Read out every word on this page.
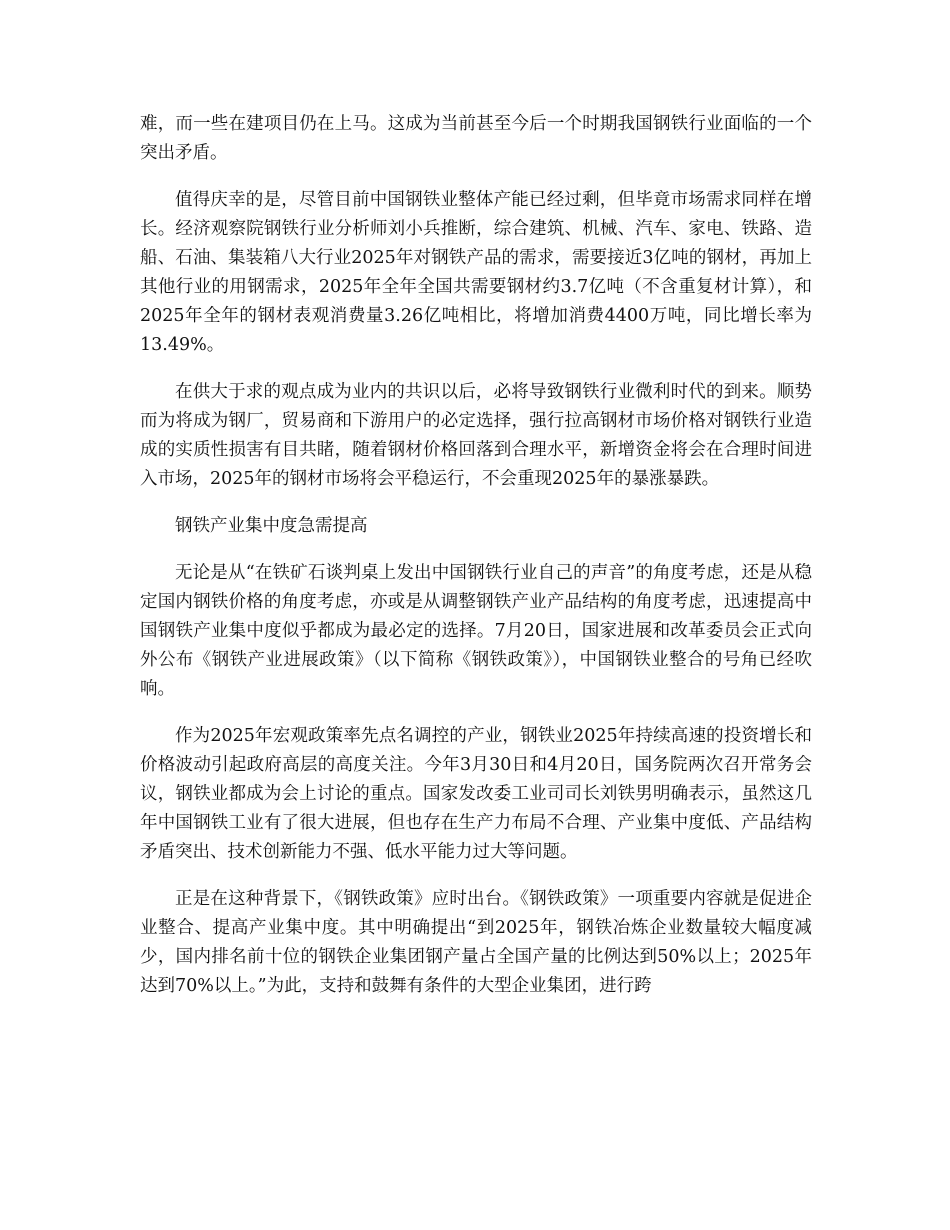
难，而一些在建项目仍在上马。这成为当前甚至今后一个时期我国钢铁行业面临的一个突出矛盾。

值得庆幸的是，尽管目前中国钢铁业整体产能已经过剩，但毕竟市场需求同样在增长。经济观察院钢铁行业分析师刘小兵推断，综合建筑、机械、汽车、家电、铁路、造船、石油、集装箱八大行业2025年对钢铁产品的需求，需要接近3亿吨的钢材，再加上其他行业的用钢需求，2025年全年全国共需要钢材约3.7亿吨（不含重复材计算），和2025年全年的钢材表观消费量3.26亿吨相比，将增加消费4400万吨，同比增长率为13.49%。

在供大于求的观点成为业内的共识以后，必将导致钢铁行业微利时代的到来。顺势而为将成为钢厂，贸易商和下游用户的必定选择，强行拉高钢材市场价格对钢铁行业造成的实质性损害有目共睹，随着钢材价格回落到合理水平，新增资金将会在合理时间进入市场，2025年的钢材市场将会平稳运行，不会重现2025年的暴涨暴跌。

钢铁产业集中度急需提高

无论是从“在铁矿石谈判桌上发出中国钢铁行业自己的声音”的角度考虑，还是从稳定国内钢铁价格的角度考虑，亦或是从调整钢铁产业产品结构的角度考虑，迅速提高中国钢铁产业集中度似乎都成为最必定的选择。7月20日，国家进展和改革委员会正式向外公布《钢铁产业进展政策》（以下简称《钢铁政策》），中国钢铁业整合的号角已经吹响。

作为2025年宏观政策率先点名调控的产业，钢铁业2025年持续高速的投资增长和价格波动引起政府高层的高度关注。今年3月30日和4月20日，国务院两次召开常务会议，钢铁业都成为会上讨论的重点。国家发改委工业司司长刘铁男明确表示，虽然这几年中国钢铁工业有了很大进展，但也存在生产力布局不合理、产业集中度低、产品结构矛盾突出、技术创新能力不强、低水平能力过大等问题。

正是在这种背景下，《钢铁政策》应时出台。《钢铁政策》一项重要内容就是促进企业整合、提高产业集中度。其中明确提出“到2025年，钢铁冶炼企业数量较大幅度减少，国内排名前十位的钢铁企业集团钢产量占全国产量的比例达到50%以上；2025年达到70%以上。”为此，支持和鼓舞有条件的大型企业集团，进行跨
